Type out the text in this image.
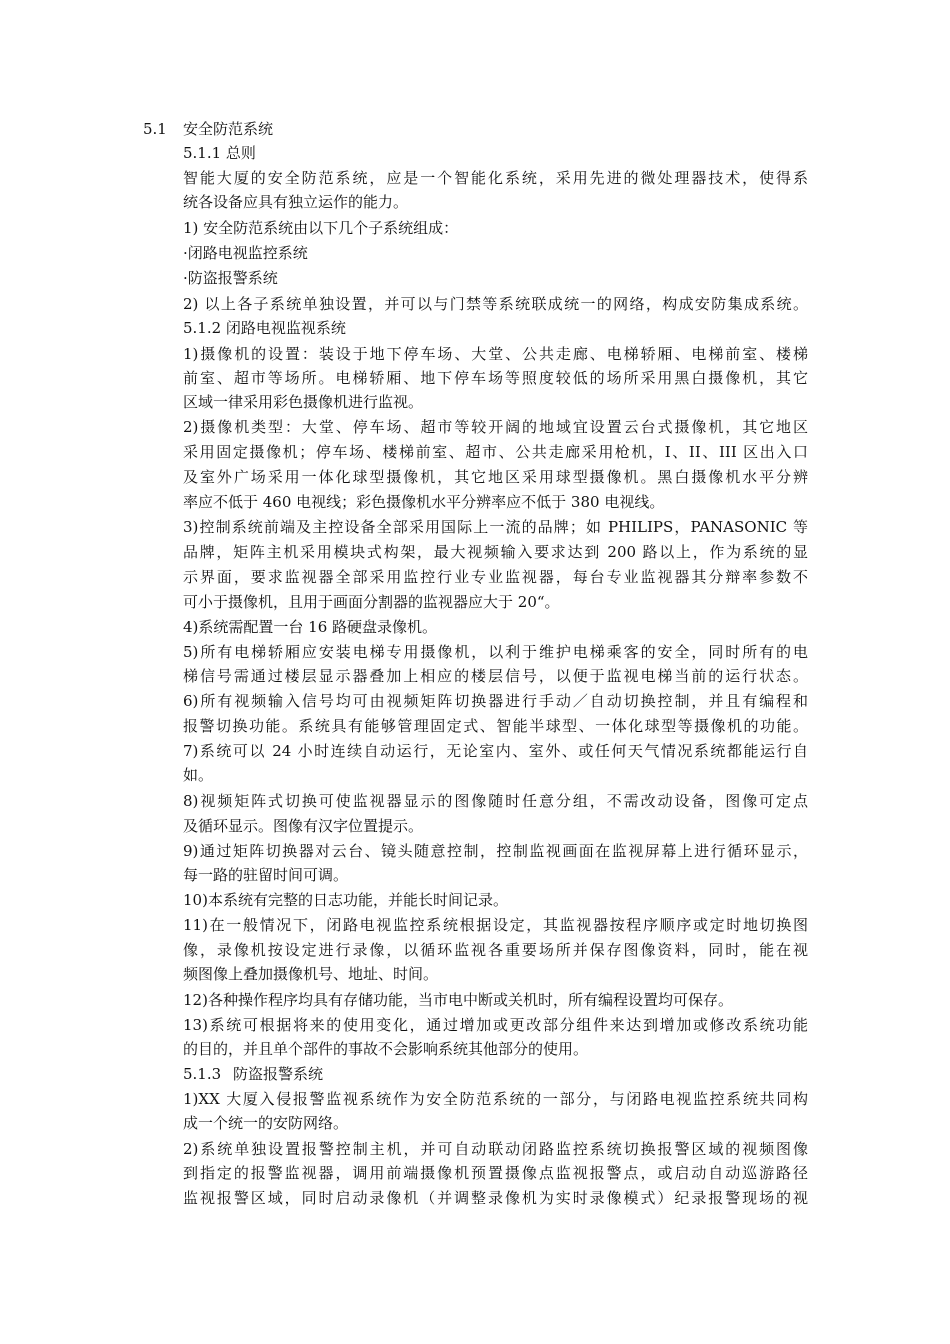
5.1 安全防范系统
5.1.1 总则
智能大厦的安全防范系统，应是一个智能化系统，采用先进的微处理器技术，使得系
统各设备应具有独立运作的能力。
1) 安全防范系统由以下几个子系统组成：
·闭路电视监控系统
·防盗报警系统
2) 以上各子系统单独设置，并可以与门禁等系统联成统一的网络，构成安防集成系统。
5.1.2 闭路电视监视系统
1)摄像机的设置：装设于地下停车场、大堂、公共走廊、电梯轿厢、电梯前室、楼梯
前室、超市等场所。电梯轿厢、地下停车场等照度较低的场所采用黑白摄像机，其它
区域一律采用彩色摄像机进行监视。
2)摄像机类型：大堂、停车场、超市等较开阔的地域宜设置云台式摄像机，其它地区
采用固定摄像机；停车场、楼梯前室、超市、公共走廊采用枪机，I、II、III 区出入口
及室外广场采用一体化球型摄像机，其它地区采用球型摄像机。黑白摄像机水平分辨
率应不低于 460 电视线；彩色摄像机水平分辨率应不低于 380 电视线。
3)控制系统前端及主控设备全部采用国际上一流的品牌；如 PHILIPS，PANASONIC 等
品牌，矩阵主机采用模块式构架，最大视频输入要求达到 200 路以上，作为系统的显
示界面，要求监视器全部采用监控行业专业监视器，每台专业监视器其分辩率参数不
可小于摄像机，且用于画面分割器的监视器应大于 20“。
4)系统需配置一台 16 路硬盘录像机。
5)所有电梯轿厢应安装电梯专用摄像机，以利于维护电梯乘客的安全，同时所有的电
梯信号需通过楼层显示器叠加上相应的楼层信号，以便于监视电梯当前的运行状态。
6)所有视频输入信号均可由视频矩阵切换器进行手动／自动切换控制，并且有编程和
报警切换功能。系统具有能够管理固定式、智能半球型、一体化球型等摄像机的功能。
7)系统可以 24 小时连续自动运行，无论室内、室外、或任何天气情况系统都能运行自
如。
8)视频矩阵式切换可使监视器显示的图像随时任意分组，不需改动设备，图像可定点
及循环显示。图像有汉字位置提示。
9)通过矩阵切换器对云台、镜头随意控制，控制监视画面在监视屏幕上进行循环显示，
每一路的驻留时间可调。
10)本系统有完整的日志功能，并能长时间记录。
11)在一般情况下，闭路电视监控系统根据设定，其监视器按程序顺序或定时地切换图
像，录像机按设定进行录像，以循环监视各重要场所并保存图像资料，同时，能在视
频图像上叠加摄像机号、地址、时间。
12)各种操作程序均具有存储功能，当市电中断或关机时，所有编程设置均可保存。
13)系统可根据将来的使用变化，通过增加或更改部分组件来达到增加或修改系统功能
的目的，并且单个部件的事故不会影响系统其他部分的使用。
5.1.3 防盗报警系统
1)XX 大厦入侵报警监视系统作为安全防范系统的一部分，与闭路电视监控系统共同构
成一个统一的安防网络。
2)系统单独设置报警控制主机，并可自动联动闭路监控系统切换报警区域的视频图像
到指定的报警监视器，调用前端摄像机预置摄像点监视报警点，或启动自动巡游路径
监视报警区域，同时启动录像机（并调整录像机为实时录像模式）纪录报警现场的视
